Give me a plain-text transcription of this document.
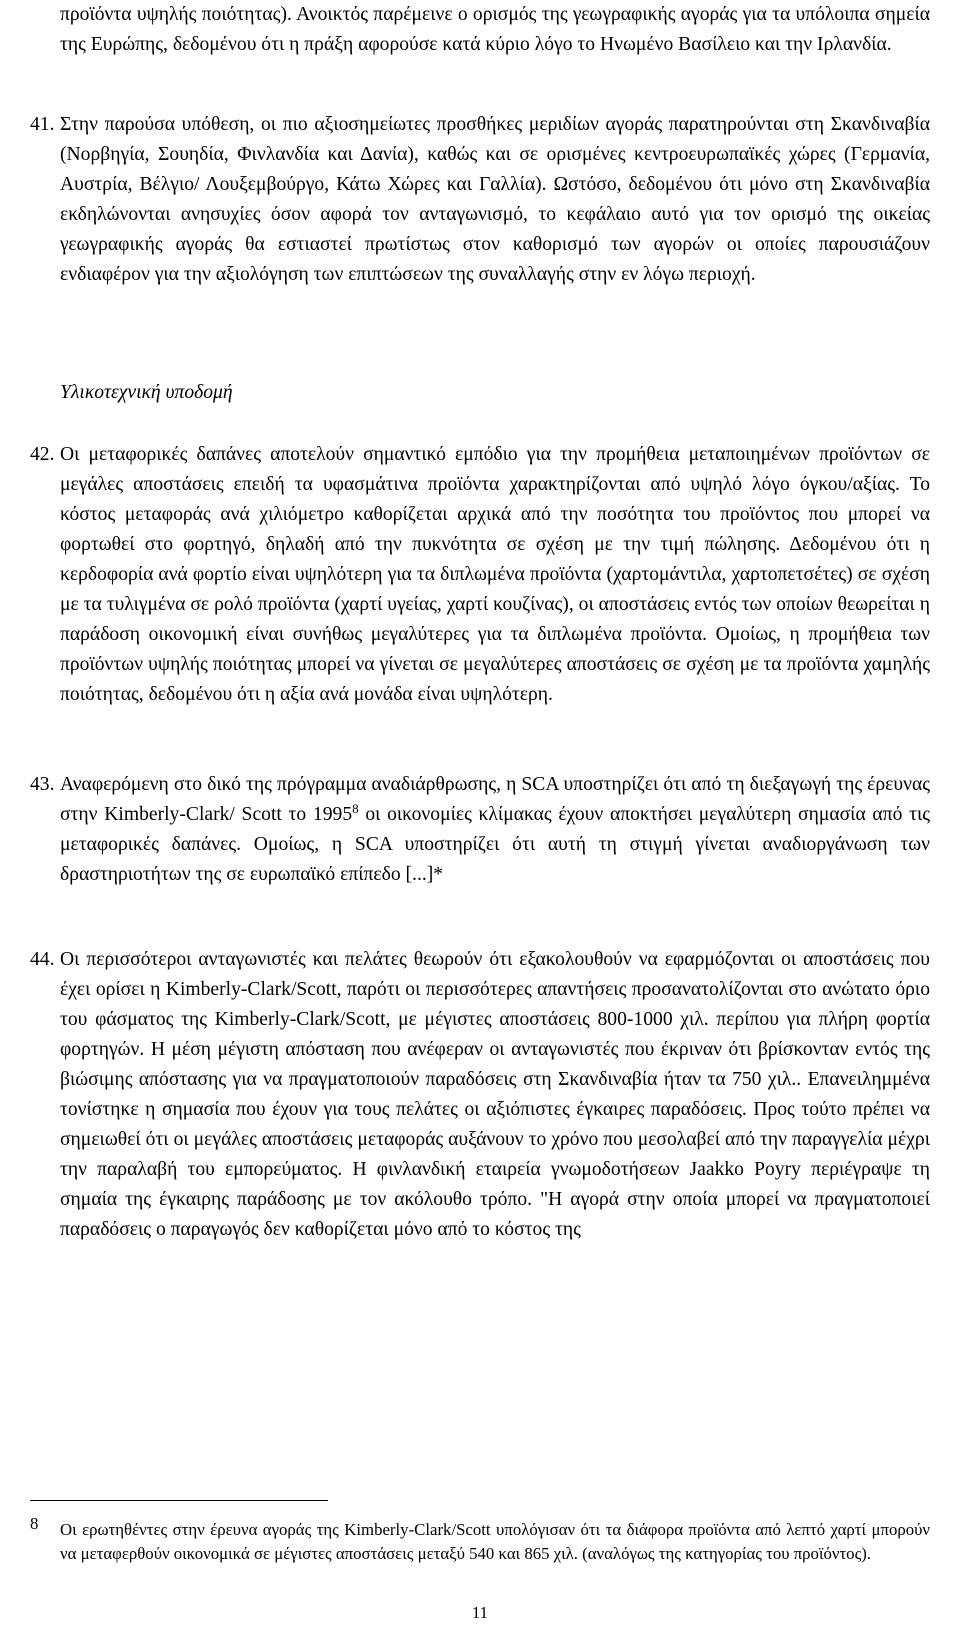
προϊόντα υψηλής ποιότητας). Ανοικτός παρέμεινε ο ορισμός της γεωγραφικής αγοράς για τα υπόλοιπα σημεία της Ευρώπης, δεδομένου ότι η πράξη αφορούσε κατά κύριο λόγο το Ηνωμένο Βασίλειο και την Ιρλανδία.
41. Στην παρούσα υπόθεση, οι πιο αξιοσημείωτες προσθήκες μεριδίων αγοράς παρατηρούνται στη Σκανδιναβία (Νορβηγία, Σουηδία, Φινλανδία και Δανία), καθώς και σε ορισμένες κεντροευρωπαϊκές χώρες (Γερμανία, Αυστρία, Βέλγιο/ Λουξεμβούργο, Κάτω Χώρες και Γαλλία). Ωστόσο, δεδομένου ότι μόνο στη Σκανδιναβία εκδηλώνονται ανησυχίες όσον αφορά τον ανταγωνισμό, το κεφάλαιο αυτό για τον ορισμό της οικείας γεωγραφικής αγοράς θα εστιαστεί πρωτίστως στον καθορισμό των αγορών οι οποίες παρουσιάζουν ενδιαφέρον για την αξιολόγηση των επιπτώσεων της συναλλαγής στην εν λόγω περιοχή.
Υλικοτεχνική υποδομή
42. Οι μεταφορικές δαπάνες αποτελούν σημαντικό εμπόδιο για την προμήθεια μεταποιημένων προϊόντων σε μεγάλες αποστάσεις επειδή τα υφασμάτινα προϊόντα χαρακτηρίζονται από υψηλό λόγο όγκου/αξίας. Το κόστος μεταφοράς ανά χιλιόμετρο καθορίζεται αρχικά από την ποσότητα του προϊόντος που μπορεί να φορτωθεί στο φορτηγό, δηλαδή από την πυκνότητα σε σχέση με την τιμή πώλησης. Δεδομένου ότι η κερδοφορία ανά φορτίο είναι υψηλότερη για τα διπλωμένα προϊόντα (χαρτομάντιλα, χαρτοπετσέτες) σε σχέση με τα τυλιγμένα σε ρολό προϊόντα (χαρτί υγείας, χαρτί κουζίνας), οι αποστάσεις εντός των οποίων θεωρείται η παράδοση οικονομική είναι συνήθως μεγαλύτερες για τα διπλωμένα προϊόντα. Ομοίως, η προμήθεια των προϊόντων υψηλής ποιότητας μπορεί να γίνεται σε μεγαλύτερες αποστάσεις σε σχέση με τα προϊόντα χαμηλής ποιότητας, δεδομένου ότι η αξία ανά μονάδα είναι υψηλότερη.
43. Αναφερόμενη στο δικό της πρόγραμμα αναδιάρθρωσης, η SCA υποστηρίζει ότι από τη διεξαγωγή της έρευνας στην Kimberly-Clark/ Scott το 1995$^8$ οι οικονομίες κλίμακας έχουν αποκτήσει μεγαλύτερη σημασία από τις μεταφορικές δαπάνες. Ομοίως, η SCA υποστηρίζει ότι αυτή τη στιγμή γίνεται αναδιοργάνωση των δραστηριοτήτων της σε ευρωπαϊκό επίπεδο [...]*
44. Οι περισσότεροι ανταγωνιστές και πελάτες θεωρούν ότι εξακολουθούν να εφαρμόζονται οι αποστάσεις που έχει ορίσει η Kimberly-Clark/Scott, παρότι οι περισσότερες απαντήσεις προσανατολίζονται στο ανώτατο όριο του φάσματος της Kimberly-Clark/Scott, με μέγιστες αποστάσεις 800-1000 χιλ. περίπου για πλήρη φορτία φορτηγών. Η μέση μέγιστη απόσταση που ανέφεραν οι ανταγωνιστές που έκριναν ότι βρίσκονταν εντός της βιώσιμης απόστασης για να πραγματοποιούν παραδόσεις στη Σκανδιναβία ήταν τα 750 χιλ.. Επανειλημμένα τονίστηκε η σημασία που έχουν για τους πελάτες οι αξιόπιστες έγκαιρες παραδόσεις. Προς τούτο πρέπει να σημειωθεί ότι οι μεγάλες αποστάσεις μεταφοράς αυξάνουν το χρόνο που μεσολαβεί από την παραγγελία μέχρι την παραλαβή του εμπορεύματος. Η φινλανδική εταιρεία γνωμοδοτήσεων Jaakko Poyry περιέγραψε τη σημαία της έγκαιρης παράδοσης με τον ακόλουθο τρόπο. "Η αγορά στην οποία μπορεί να πραγματοποιεί παραδόσεις ο παραγωγός δεν καθορίζεται μόνο από το κόστος της
8 Οι ερωτηθέντες στην έρευνα αγοράς της Kimberly-Clark/Scott υπολόγισαν ότι τα διάφορα προϊόντα από λεπτό χαρτί μπορούν να μεταφερθούν οικονομικά σε μέγιστες αποστάσεις μεταξύ 540 και 865 χιλ. (αναλόγως της κατηγορίας του προϊόντος).
11
